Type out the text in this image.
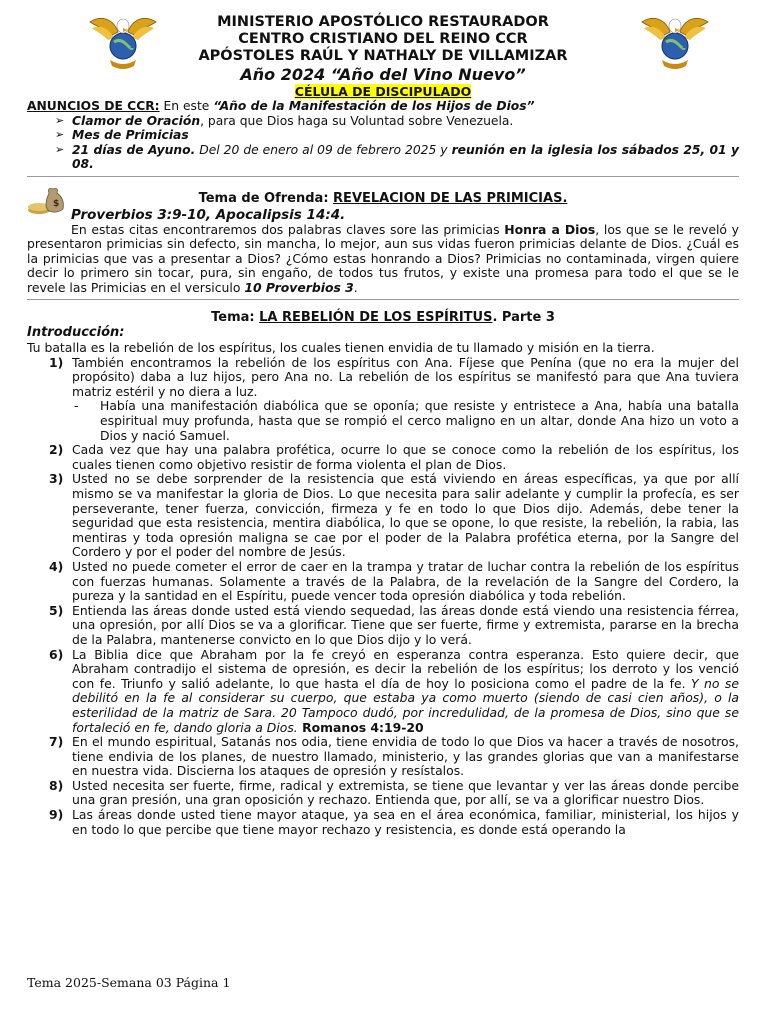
MINISTERIO APOSTÓLICO RESTAURADOR
CENTRO CRISTIANO DEL REINO CCR
APÓSTOLES RAÚL Y NATHALY DE VILLAMIZAR
Año 2024 “Año del Vino Nuevo”
CÉLULA DE DISCIPULADO
ANUNCIOS DE CCR: En este “Año de la Manifestación de los Hijos de Dios”
➢ Clamor de Oración, para que Dios haga su Voluntad sobre Venezuela.
➢ Mes de Primicias
➢ 21 días de Ayuno. Del 20 de enero al 09 de febrero 2025 y reunión en la iglesia los sábados 25, 01 y 08.
$	Tema de Ofrenda: REVELACION DE LAS PRIMICIAS.
Proverbios 3:9-10, Apocalipsis 14:4.
En estas citas encontraremos dos palabras claves sore las primicias Honra a Dios, los que se le reveló y presentaron primicias sin defecto, sin mancha, lo mejor, aun sus vidas fueron primicias delante de Dios. ¿Cuál es la primicias que vas a presentar a Dios? ¿Cómo estas honrando a Dios? Primicias no contaminada, virgen quiere decir lo primero sin tocar, pura, sin engaño, de todos tus frutos, y existe una promesa para todo el que se le revele las Primicias en el versiculo 10 Proverbios 3.
Tema: LA REBELIÓN DE LOS ESPÍRITUS. Parte 3
Introducción:
Tu batalla es la rebelión de los espíritus, los cuales tienen envidia de tu llamado y misión en la tierra.
1) También encontramos la rebelión de los espíritus con Ana. Fíjese que Penína (que no era la mujer del propósito) daba a luz hijos, pero Ana no. La rebelión de los espíritus se manifestó para que Ana tuviera matriz estéril y no diera a luz.
- Había una manifestación diabólica que se oponía; que resiste y entristece a Ana, había una batalla espiritual muy profunda, hasta que se rompió el cerco maligno en un altar, donde Ana hizo un voto a Dios y nació Samuel.
2) Cada vez que hay una palabra profética, ocurre lo que se conoce como la rebelión de los espíritus, los cuales tienen como objetivo resistir de forma violenta el plan de Dios.
3) Usted no se debe sorprender de la resistencia que está viviendo en áreas específicas, ya que por allí mismo se va manifestar la gloria de Dios. Lo que necesita para salir adelante y cumplir la profecía, es ser perseverante, tener fuerza, convicción, firmeza y fe en todo lo que Dios dijo. Además, debe tener la seguridad que esta resistencia, mentira diabólica, lo que se opone, lo que resiste, la rebelión, la rabia, las mentiras y toda opresión maligna se cae por el poder de la Palabra profética eterna, por la Sangre del Cordero y por el poder del nombre de Jesús.
4) Usted no puede cometer el error de caer en la trampa y tratar de luchar contra la rebelión de los espíritus con fuerzas humanas. Solamente a través de la Palabra, de la revelación de la Sangre del Cordero, la pureza y la santidad en el Espíritu, puede vencer toda opresión diabólica y toda rebelión.
5) Entienda las áreas donde usted está viendo sequedad, las áreas donde está viendo una resistencia férrea, una opresión, por allí Dios se va a glorificar. Tiene que ser fuerte, firme y extremista, pararse en la brecha de la Palabra, mantenerse convicto en lo que Dios dijo y lo verá.
6) La Biblia dice que Abraham por la fe creyó en esperanza contra esperanza. Esto quiere decir, que Abraham contradijo el sistema de opresión, es decir la rebelión de los espíritus; los derroto y los venció con fe. Triunfo y salió adelante, lo que hasta el día de hoy lo posiciona como el padre de la fe. Y no se debilitó en la fe al considerar su cuerpo, que estaba ya como muerto (siendo de casi cien años), o la esterilidad de la matriz de Sara. 20 Tampoco dudó, por incredulidad, de la promesa de Dios, sino que se fortaleció en fe, dando gloria a Dios. Romanos 4:19-20
7) En el mundo espiritual, Satanás nos odia, tiene envidia de todo lo que Dios va hacer a través de nosotros, tiene endivia de los planes, de nuestro llamado, ministerio, y las grandes glorias que van a manifestarse en nuestra vida. Discierna los ataques de opresión y resístalos.
8) Usted necesita ser fuerte, firme, radical y extremista, se tiene que levantar y ver las áreas donde percibe una gran presión, una gran oposición y rechazo. Entienda que, por allí, se va a glorificar nuestro Dios.
9) Las áreas donde usted tiene mayor ataque, ya sea en el área económica, familiar, ministerial, los hijos y en todo lo que percibe que tiene mayor rechazo y resistencia, es donde está operando la
Tema 2025-Semana 03 Página 1
